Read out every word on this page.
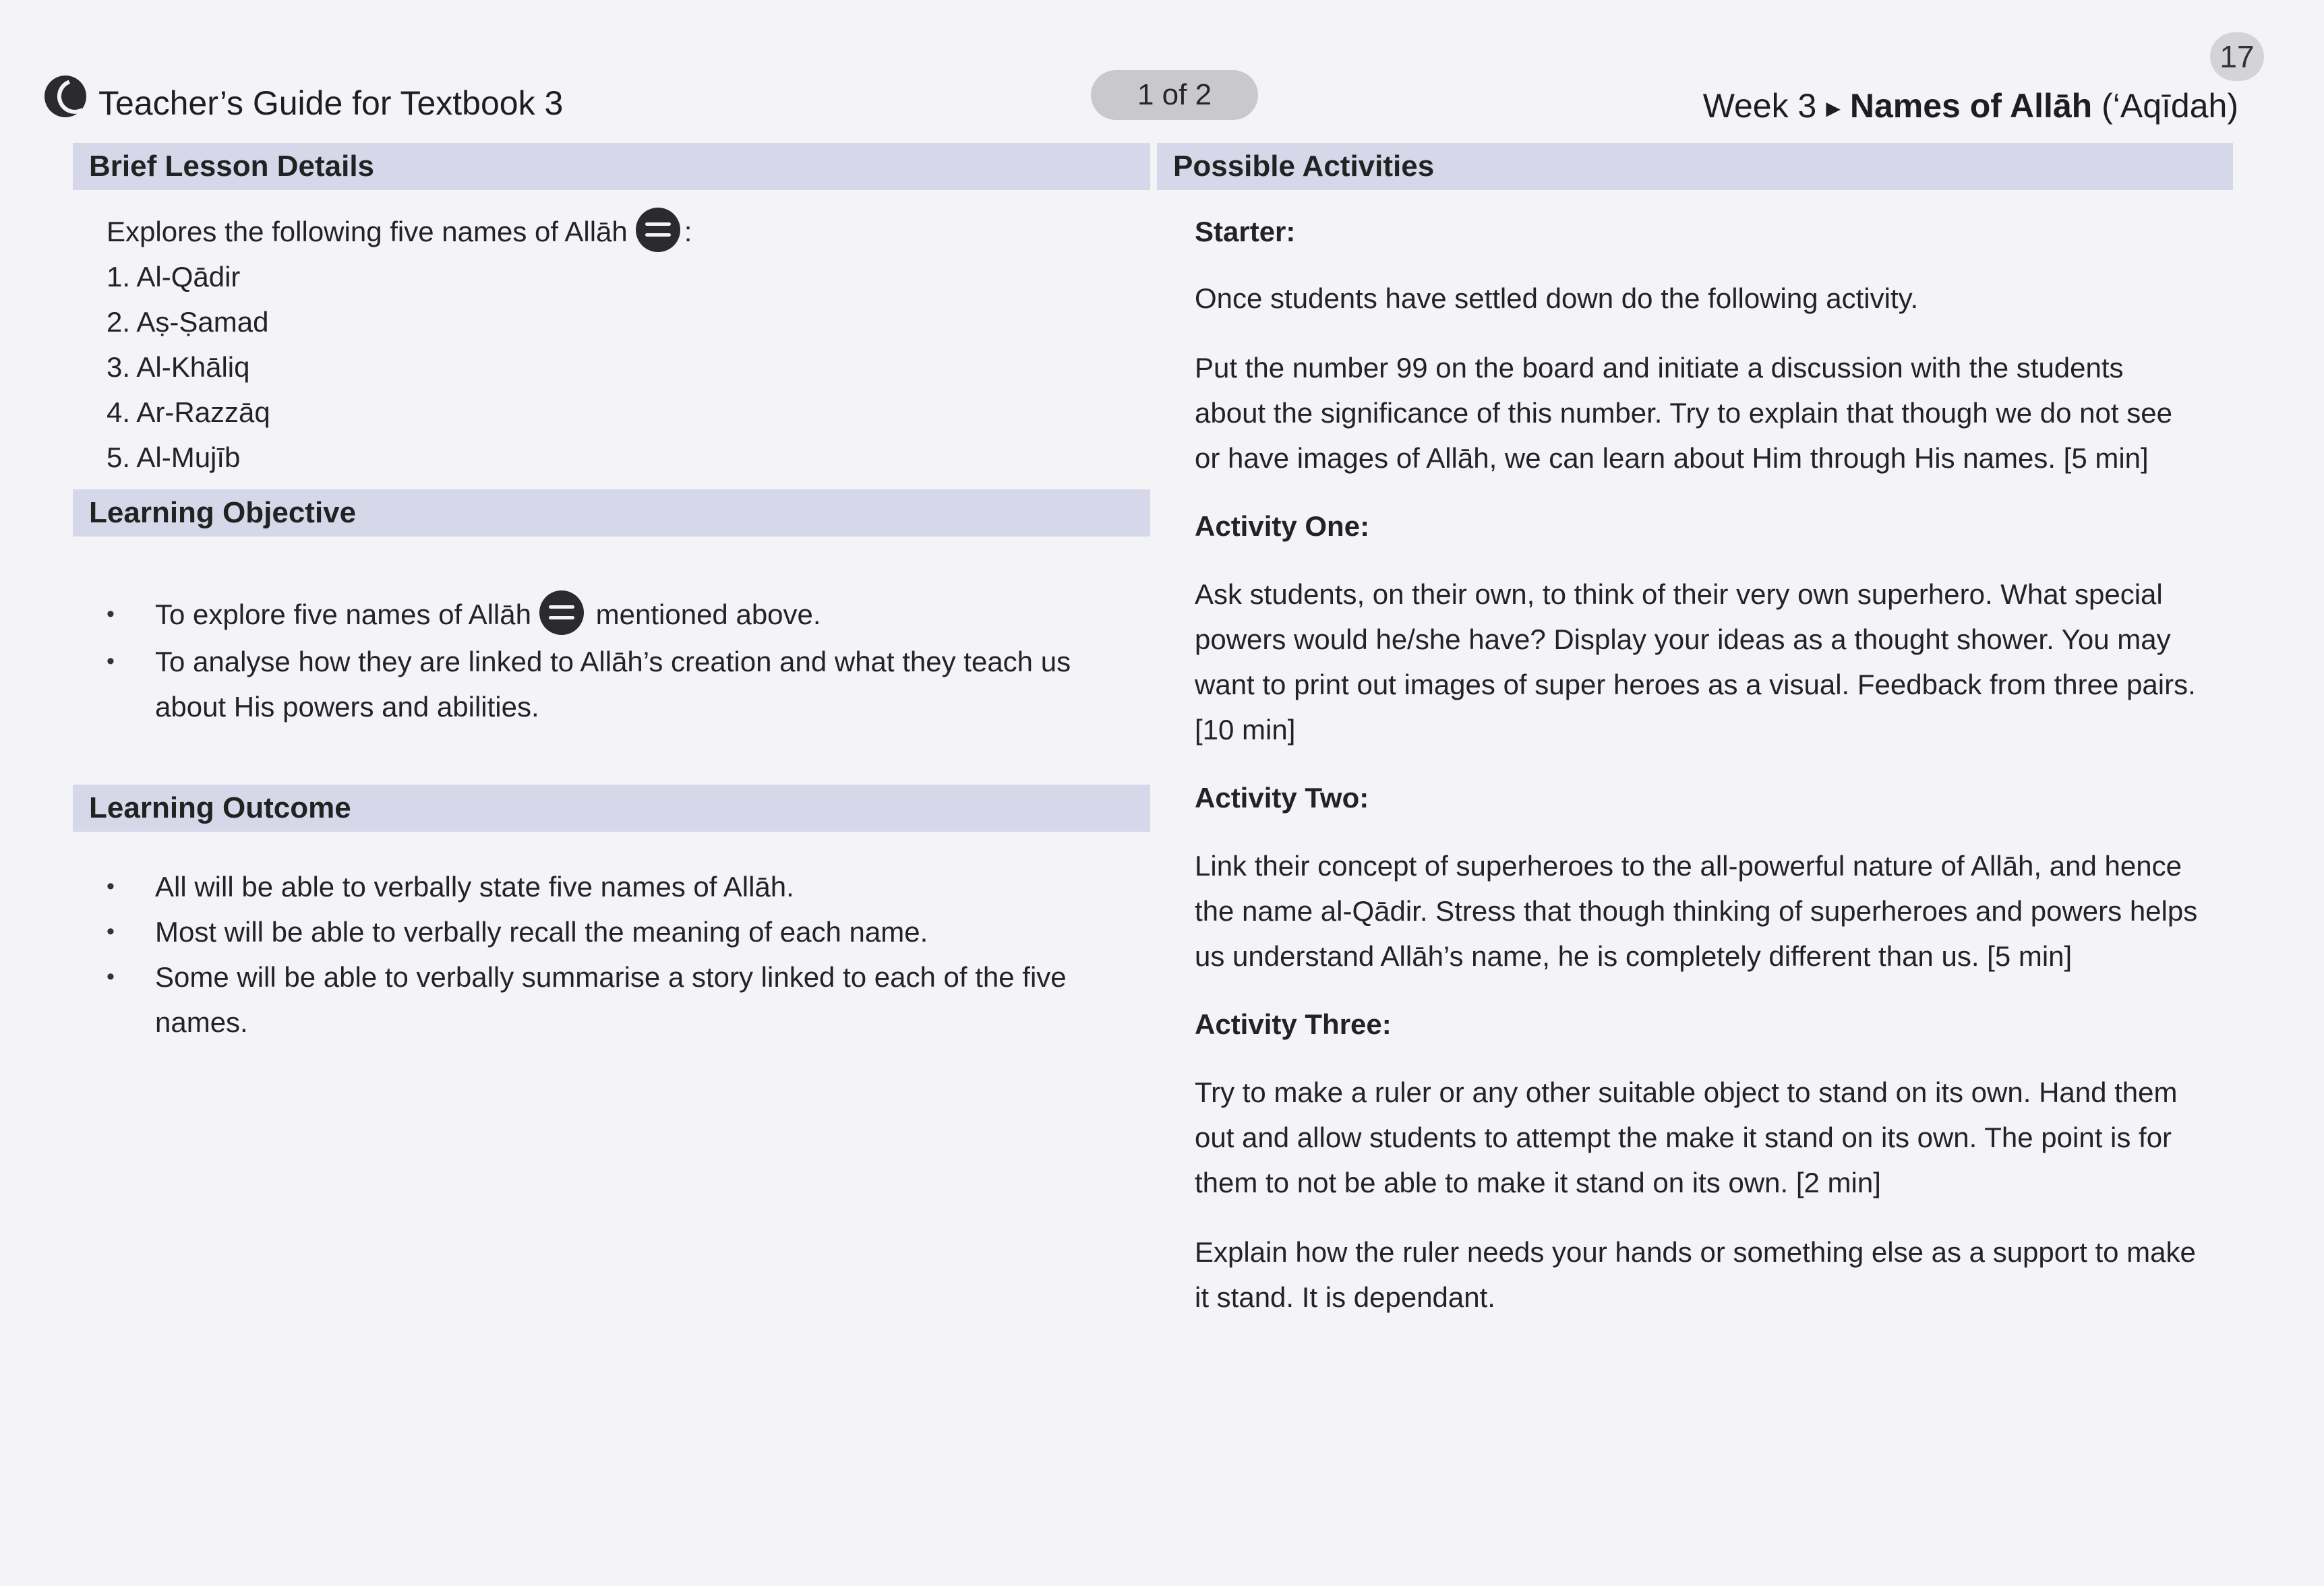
17
Teacher’s Guide for Textbook 3	1 of 2	Week 3 ▶ Names of Allāh (‘Aqīdah)
Brief Lesson Details
Explores the following five names of Allāh :
1. Al-Qādir
2. Aṣ-Ṣamad
3. Al-Khāliq
4. Ar-Razzāq
5. Al-Mujīb
Learning Objective
• To explore five names of Allāh mentioned above.
• To analyse how they are linked to Allāh’s creation and what they teach us about His powers and abilities.
Learning Outcome
• All will be able to verbally state five names of Allāh.
• Most will be able to verbally recall the meaning of each name.
• Some will be able to verbally summarise a story linked to each of the five names.
Possible Activities
Starter:

Once students have settled down do the following activity.

Put the number 99 on the board and initiate a discussion with the students about the significance of this number. Try to explain that though we do not see or have images of Allāh, we can learn about Him through His names. [5 min]

Activity One:

Ask students, on their own, to think of their very own superhero. What special powers would he/she have? Display your ideas as a thought shower. You may want to print out images of super heroes as a visual. Feedback from three pairs. [10 min]

Activity Two:

Link their concept of superheroes to the all-powerful nature of Allāh, and hence the name al-Qādir. Stress that though thinking of superheroes and powers helps us understand Allāh’s name, he is completely different than us. [5 min]

Activity Three:

Try to make a ruler or any other suitable object to stand on its own. Hand them out and allow students to attempt the make it stand on its own. The point is for them to not be able to make it stand on its own. [2 min]

Explain how the ruler needs your hands or something else as a support to make it stand. It is dependant.
